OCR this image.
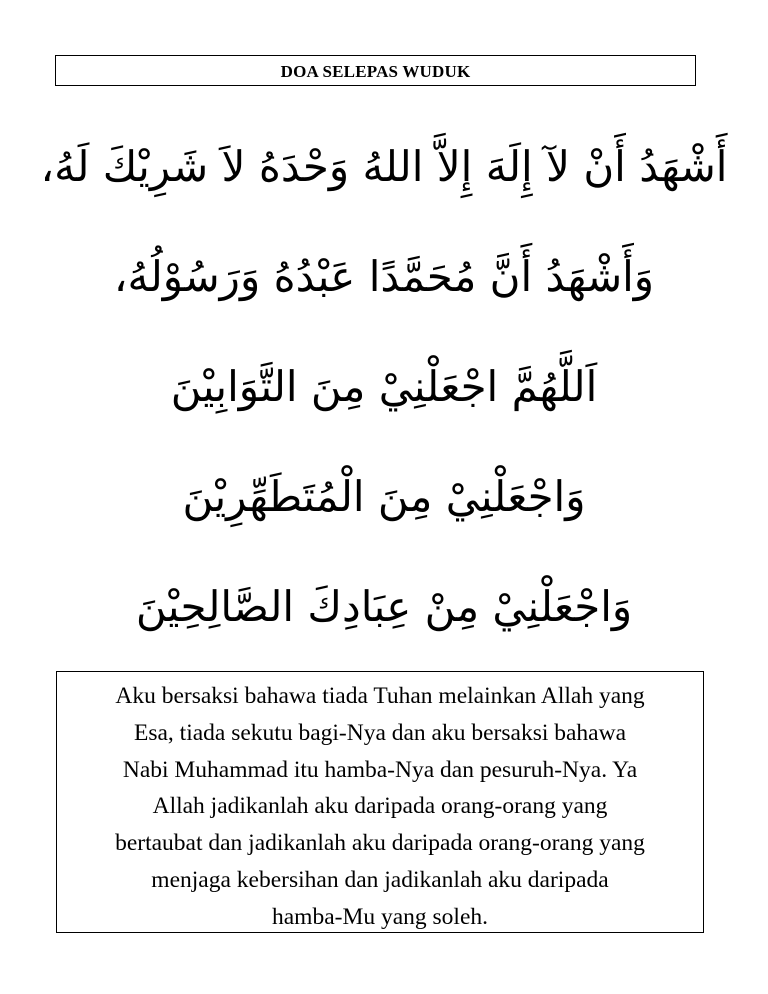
DOA SELEPAS WUDUK
أَشْهَدُ أَنْ لآ إِلَهَ إِلاَّ اللهُ وَحْدَهُ لاَ شَرِيْكَ لَهُ،
وَأَشْهَدُ أَنَّ مُحَمَّدًا عَبْدُهُ وَرَسُوْلُهُ،
اَللَّهُمَّ اجْعَلْنِيْ مِنَ التَّوَابِيْنَ
وَاجْعَلْنِيْ مِنَ الْمُتَطَهِّرِيْنَ
وَاجْعَلْنِيْ مِنْ عِبَادِكَ الصَّالِحِيْنَ
Aku bersaksi bahawa tiada Tuhan melainkan Allah yang
Esa, tiada sekutu bagi-Nya dan aku bersaksi bahawa
Nabi Muhammad itu hamba-Nya dan pesuruh-Nya. Ya
Allah jadikanlah aku daripada orang-orang yang
bertaubat dan jadikanlah aku daripada orang-orang yang
menjaga kebersihan dan jadikanlah aku daripada
hamba-Mu yang soleh.
